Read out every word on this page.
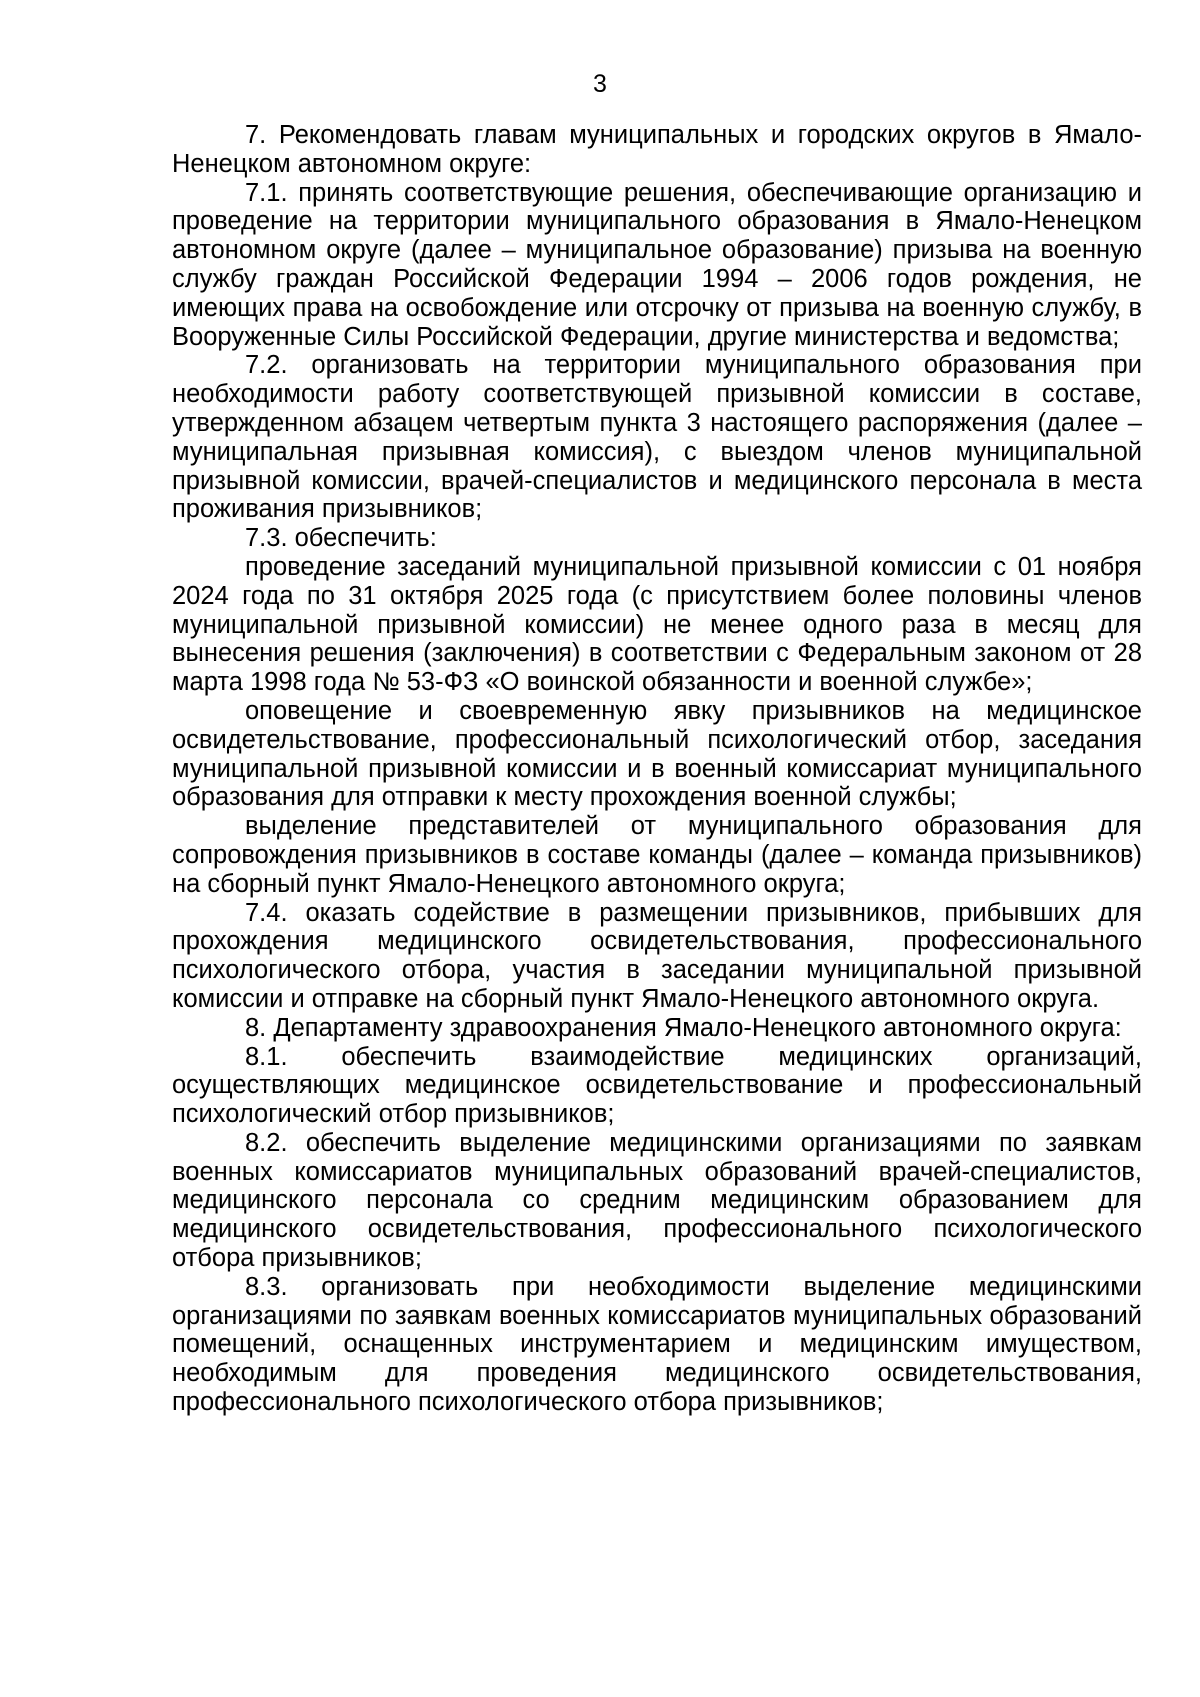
3

7. Рекомендовать главам муниципальных и городских округов в Ямало-Ненецком автономном округе:

7.1. принять соответствующие решения, обеспечивающие организацию и проведение на территории муниципального образования в Ямало-Ненецком автономном округе (далее – муниципальное образование) призыва на военную службу граждан Российской Федерации 1994 – 2006 годов рождения, не имеющих права на освобождение или отсрочку от призыва на военную службу, в Вооруженные Силы Российской Федерации, другие министерства и ведомства;

7.2. организовать на территории муниципального образования при необходимости работу соответствующей призывной комиссии в составе, утвержденном абзацем четвертым пункта 3 настоящего распоряжения (далее – муниципальная призывная комиссия), с выездом членов муниципальной призывной комиссии, врачей-специалистов и медицинского персонала в места проживания призывников;

7.3. обеспечить:

проведение заседаний муниципальной призывной комиссии с 01 ноября 2024 года по 31 октября 2025 года (с присутствием более половины членов муниципальной призывной комиссии) не менее одного раза в месяц для вынесения решения (заключения) в соответствии с Федеральным законом от 28 марта 1998 года № 53-ФЗ «О воинской обязанности и военной службе»;

оповещение и своевременную явку призывников на медицинское освидетельствование, профессиональный психологический отбор, заседания муниципальной призывной комиссии и в военный комиссариат муниципального образования для отправки к месту прохождения военной службы;

выделение представителей от муниципального образования для сопровождения призывников в составе команды (далее – команда призывников) на сборный пункт Ямало-Ненецкого автономного округа;

7.4. оказать содействие в размещении призывников, прибывших для прохождения медицинского освидетельствования, профессионального психологического отбора, участия в заседании муниципальной призывной комиссии и отправке на сборный пункт Ямало-Ненецкого автономного округа.

8. Департаменту здравоохранения Ямало-Ненецкого автономного округа:

8.1. обеспечить взаимодействие медицинских организаций, осуществляющих медицинское освидетельствование и профессиональный психологический отбор призывников;

8.2. обеспечить выделение медицинскими организациями по заявкам военных комиссариатов муниципальных образований врачей-специалистов, медицинского персонала со средним медицинским образованием для медицинского освидетельствования, профессионального психологического отбора призывников;

8.3. организовать при необходимости выделение медицинскими организациями по заявкам военных комиссариатов муниципальных образований помещений, оснащенных инструментарием и медицинским имуществом, необходимым для проведения медицинского освидетельствования, профессионального психологического отбора призывников;
